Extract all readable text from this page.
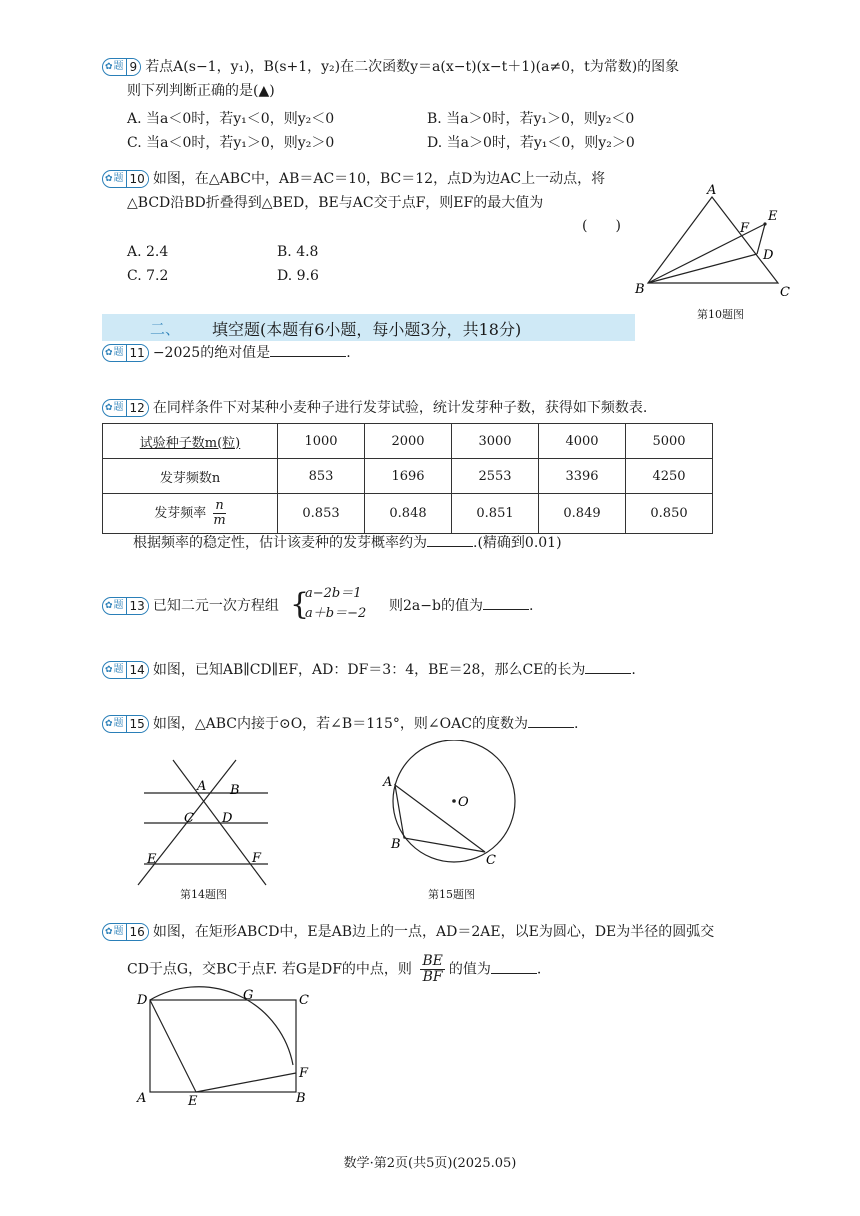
✿ 题 9 若点A(s−1，y₁)，B(s+1，y₂)在二次函数y＝a(x−t)(x−t＋1)(a≠0，t为常数)的图象
则下列判断正确的是(▲)
A. 当a＜0时，若y₁＜0，则y₂＜0	B. 当a＞0时，若y₁＞0，则y₂＜0
C. 当a＜0时，若y₁＞0，则y₂＞0	D. 当a＞0时，若y₁＜0，则y₂＞0
✿ 题 10 如图，在△ABC中，AB＝AC＝10，BC＝12，点D为边AC上一动点，将
△BCD沿BD折叠得到△BED，BE与AC交于点F，则EF的最大值为
(　　)
A. 2.4	B. 4.8
C. 7.2	D. 9.6
A
B	C
D
E
F
第10题图
二、 填空题(本题有6小题，每小题3分，共18分)
✿ 题 11 −2025的绝对值是	.
✿ 题 12 在同样条件下对某种小麦种子进行发芽试验，统计发芽种子数，获得如下频数表.
试验种子数m(粒)	1000	2000	3000	4000	5000
发芽频数n	853	1696	2553	3396	4250
发芽频率 $\frac{n}{m}$	0.853	0.848	0.851	0.849	0.850
根据频率的稳定性，估计该麦种的发芽概率约为	.(精确到0.01)
✿ 题 13 已知二元一次方程组 {
a−2b＝1
a＋b＝−2 则2a−b的值为	.
✿ 题 14 如图，已知AB∥CD∥EF，AD：DF＝3：4，BE＝28，那么CE的长为	.
✿ 题 15 如图，△ABC内接于⊙O，若∠B＝115°，则∠OAC的度数为	.
A B
C D
E	F
第14题图
A
B
C
O
第15题图
✿ 题 16 如图，在矩形ABCD中，E是AB边上的一点，AD＝2AE，以E为圆心，DE为半径的圆弧交
CD于点G，交BC于点F. 若G是DF的中点，则 $\frac{BE}{BF}$ 的值为	.
D	G	C
F
A	E	B
数学·第2页(共5页)(2025.05)
